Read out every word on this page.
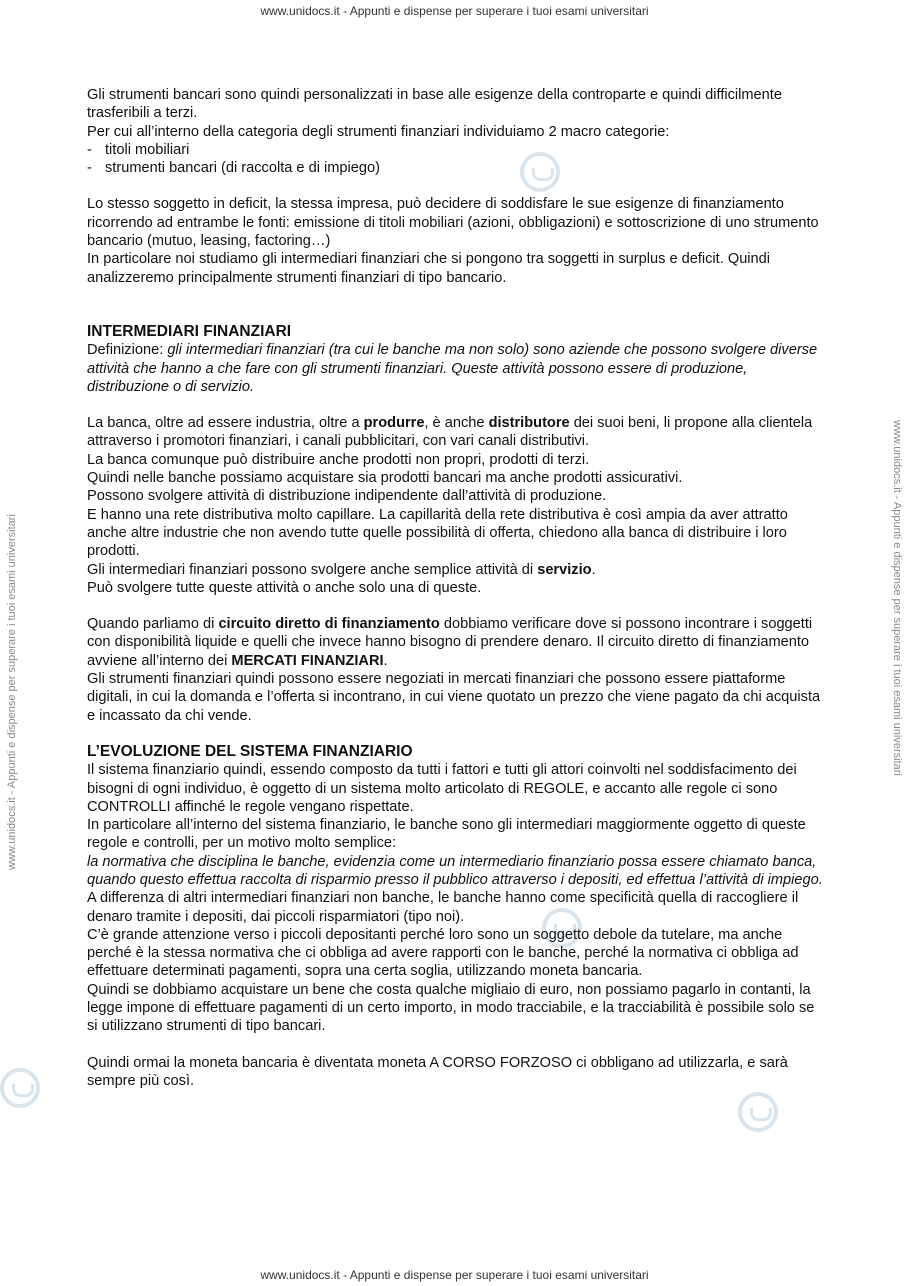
www.unidocs.it - Appunti e dispense per superare i tuoi esami universitari
www.unidocs.it - Appunti e dispense per superare i tuoi esami universitari
www.unidocs.it - Appunti e dispense per superare i tuoi esami universitari	www.unidocs.it - Appunti e dispense per superare i tuoi esami universitari

Gli strumenti bancari sono quindi personalizzati in base alle esigenze della controparte e quindi difficilmente trasferibili a terzi.

Per cui all’interno della categoria degli strumenti finanziari individuiamo 2 macro categorie:

- titoli mobiliari
- strumenti bancari (di raccolta e di impiego)

Lo stesso soggetto in deficit, la stessa impresa, può decidere di soddisfare le sue esigenze di finanziamento ricorrendo ad entrambe le fonti: emissione di titoli mobiliari (azioni, obbligazioni) e sottoscrizione di uno strumento bancario (mutuo, leasing, factoring…)

In particolare noi studiamo gli intermediari finanziari che si pongono tra soggetti in surplus e deficit. Quindi analizzeremo principalmente strumenti finanziari di tipo bancario.

INTERMEDIARI FINANZIARI

Definizione: gli intermediari finanziari (tra cui le banche ma non solo) sono aziende che possono svolgere diverse attività che hanno a che fare con gli strumenti finanziari. Queste attività possono essere di produzione, distribuzione o di servizio.

La banca, oltre ad essere industria, oltre a produrre, è anche distributore dei suoi beni, li propone alla clientela attraverso i promotori finanziari, i canali pubblicitari, con vari canali distributivi.

La banca comunque può distribuire anche prodotti non propri, prodotti di terzi.

Quindi nelle banche possiamo acquistare sia prodotti bancari ma anche prodotti assicurativi.

Possono svolgere attività di distribuzione indipendente dall’attività di produzione.

E hanno una rete distributiva molto capillare. La capillarità della rete distributiva è così ampia da aver attratto anche altre industrie che non avendo tutte quelle possibilità di offerta, chiedono alla banca di distribuire i loro prodotti.

Gli intermediari finanziari possono svolgere anche semplice attività di servizio.

Può svolgere tutte queste attività o anche solo una di queste.

Quando parliamo di circuito diretto di finanziamento dobbiamo verificare dove si possono incontrare i soggetti con disponibilità liquide e quelli che invece hanno bisogno di prendere denaro. Il circuito diretto di finanziamento avviene all’interno dei MERCATI FINANZIARI.

Gli strumenti finanziari quindi possono essere negoziati in mercati finanziari che possono essere piattaforme digitali, in cui la domanda e l’offerta si incontrano, in cui viene quotato un prezzo che viene pagato da chi acquista e incassato da chi vende.

L’EVOLUZIONE DEL SISTEMA FINANZIARIO

Il sistema finanziario quindi, essendo composto da tutti i fattori e tutti gli attori coinvolti nel soddisfacimento dei bisogni di ogni individuo, è oggetto di un sistema molto articolato di REGOLE, e accanto alle regole ci sono CONTROLLI affinché le regole vengano rispettate.

In particolare all’interno del sistema finanziario, le banche sono gli intermediari maggiormente oggetto di queste regole e controlli, per un motivo molto semplice:

la normativa che disciplina le banche, evidenzia come un intermediario finanziario possa essere chiamato banca, quando questo effettua raccolta di risparmio presso il pubblico attraverso i depositi, ed effettua l’attività di impiego.

A differenza di altri intermediari finanziari non banche, le banche hanno come specificità quella di raccogliere il denaro tramite i depositi, dai piccoli risparmiatori (tipo noi).

C’è grande attenzione verso i piccoli depositanti perché loro sono un soggetto debole da tutelare, ma anche perché è la stessa normativa che ci obbliga ad avere rapporti con le banche, perché la normativa ci obbliga ad effettuare determinati pagamenti, sopra una certa soglia, utilizzando moneta bancaria.

Quindi se dobbiamo acquistare un bene che costa qualche migliaio di euro, non possiamo pagarlo in contanti, la legge impone di effettuare pagamenti di un certo importo, in modo tracciabile, e la tracciabilità è possibile solo se si utilizzano strumenti di tipo bancari.

Quindi ormai la moneta bancaria è diventata moneta A CORSO FORZOSO ci obbligano ad utilizzarla, e sarà sempre più così.
